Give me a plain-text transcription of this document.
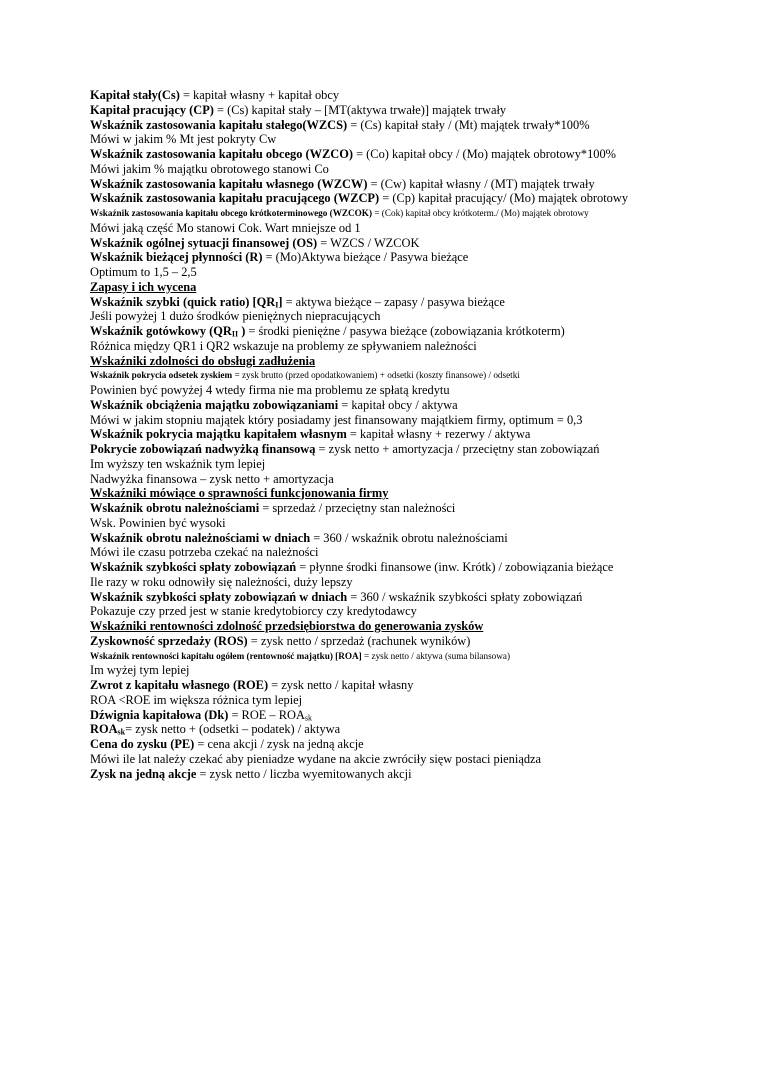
Kapitał stały(Cs) = kapitał własny + kapitał obcy
Kapitał pracujący (CP) = (Cs) kapitał stały – [MT(aktywa trwałe)] majątek trwały
Wskaźnik zastosowania kapitału stałego(WZCS) = (Cs) kapitał stały / (Mt) majątek trwały*100%
Mówi w jakim % Mt jest pokryty Cw
Wskaźnik zastosowania kapitału obcego (WZCO) = (Co) kapitał obcy / (Mo) majątek obrotowy*100%
Mówi jakim % majątku obrotowego stanowi Co
Wskaźnik zastosowania kapitału własnego (WZCW) = (Cw) kapitał własny / (MT) majątek trwały
Wskaźnik zastosowania kapitału pracującego (WZCP) = (Cp) kapitał pracujący/ (Mo) majątek obrotowy
Wskaźnik zastosowania kapitału obcego krótkoterminowego (WZCOK) = (Cok) kapitał obcy krótkoterm./ (Mo) majątek obrotowy
Mówi jaką część Mo stanowi Cok. Wart mniejsze od 1
Wskaźnik ogólnej sytuacji finansowej (OS) = WZCS / WZCOK
Wskaźnik bieżącej płynności (R) = (Mo)Aktywa bieżące / Pasywa bieżące
Optimum to 1,5 – 2,5
Zapasy i ich wycena
Wskaźnik szybki (quick ratio) $[QR_I]$ = aktywa bieżące – zapasy / pasywa bieżące
Jeśli powyżej 1 dużo środków pieniężnych niepracujących
Wskaźnik gotówkowy ($QR_{II}$ ) = środki pieniężne / pasywa bieżące (zobowiązania krótkoterm)
Różnica między QR1 i QR2 wskazuje na problemy ze spływaniem należności
Wskaźniki zdolności do obsługi zadłużenia
Wskaźnik pokrycia odsetek zyskiem = zysk brutto (przed opodatkowaniem) + odsetki (koszty finansowe) / odsetki
Powinien być powyżej 4 wtedy firma nie ma problemu ze spłatą kredytu
Wskaźnik obciążenia majątku zobowiązaniami = kapitał obcy / aktywa
Mówi w jakim stopniu majątek który posiadamy jest finansowany majątkiem firmy, optimum = 0,3
Wskaźnik pokrycia majątku kapitałem własnym = kapitał własny + rezerwy / aktywa
Pokrycie zobowiązań nadwyżką finansową = zysk netto + amortyzacja / przeciętny stan zobowiązań
Im wyższy ten wskaźnik tym lepiej
Nadwyżka finansowa – zysk netto + amortyzacja
Wskaźniki mówiące o sprawności funkcjonowania firmy
Wskaźnik obrotu należnościami = sprzedaż / przeciętny stan należności
Wsk. Powinien być wysoki
Wskaźnik obrotu należnościami w dniach = 360 / wskaźnik obrotu należnościami
Mówi ile czasu potrzeba czekać na należności
Wskaźnik szybkości spłaty zobowiązań = płynne środki finansowe (inw. Krótk) / zobowiązania bieżące
Ile razy w roku odnowiły się należności, duży lepszy
Wskaźnik szybkości spłaty zobowiązań w dniach = 360 / wskaźnik szybkości spłaty zobowiązań
Pokazuje czy przed jest w stanie kredytobiorcy czy kredytodawcy
Wskaźniki rentowności zdolność przedsiębiorstwa do generowania zysków
Zyskowność sprzedaży (ROS) = zysk netto / sprzedaż (rachunek wyników)
Wskaźnik rentowności kapitału ogółem (rentowność majątku) [ROA] = zysk netto / aktywa (suma bilansowa)
Im wyżej tym lepiej
Zwrot z kapitału własnego (ROE) = zysk netto / kapitał własny
ROA <ROE im większa różnica tym lepiej
Dźwignia kapitałowa (Dk) = ROE – $ROA_{sk}$
$ROA_{sk}=$ zysk netto + (odsetki – podatek) / aktywa
Cena do zysku (PE) = cena akcji / zysk na jedną akcje
Mówi ile lat należy czekać aby pieniadze wydane na akcie zwróciły sięw postaci pieniądza
Zysk na jedną akcje = zysk netto / liczba wyemitowanych akcji
